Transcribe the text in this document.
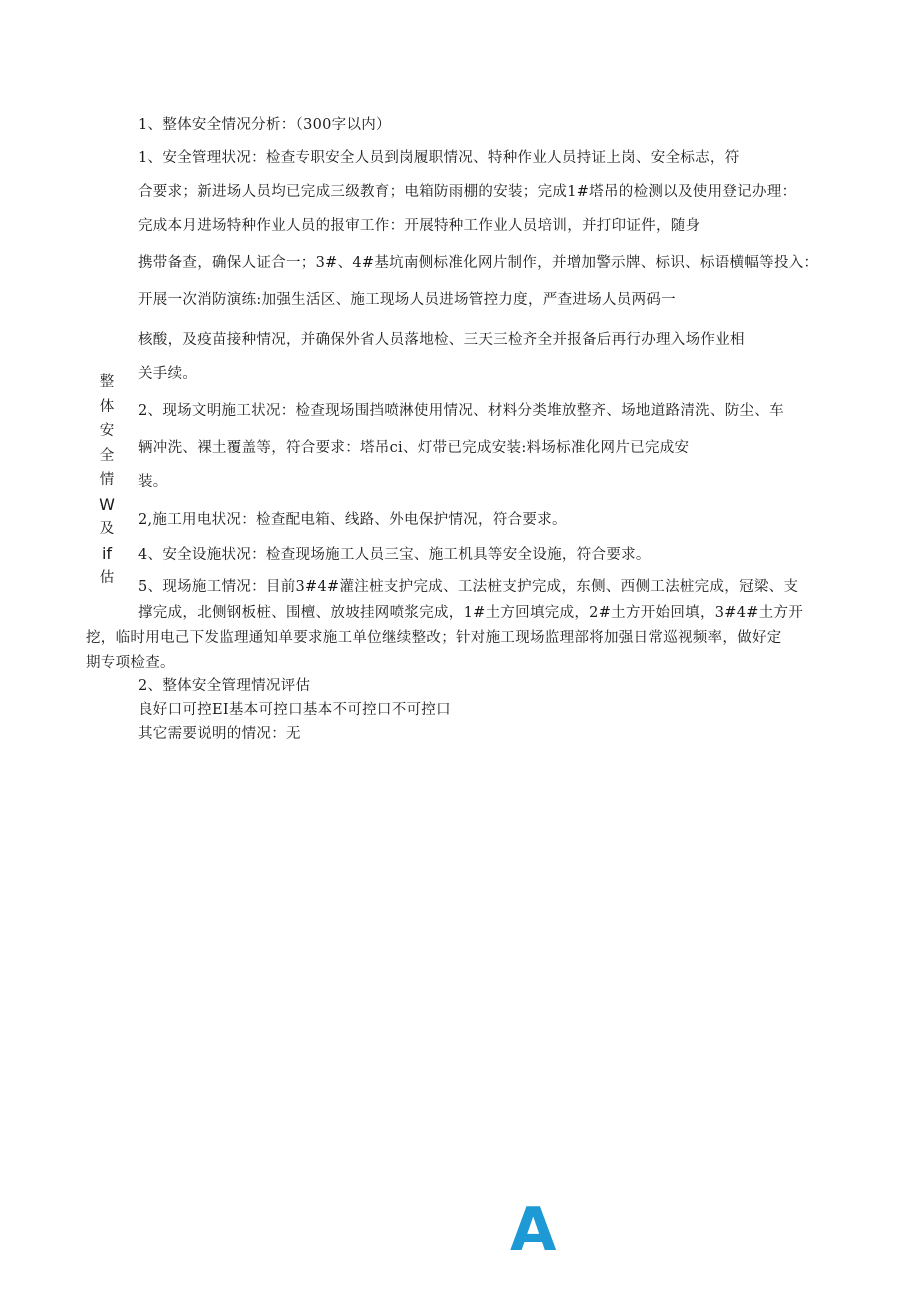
1、整体安全情况分析：（300字以内）
1、安全管理状况：检查专职安全人员到岗履职情况、特种作业人员持证上岗、安全标志，符
合要求；新进场人员均已完成三级教育；电箱防雨棚的安装；完成1#塔吊的检测以及使用登记办理：
完成本月进场特种作业人员的报审工作：开展特种工作业人员培训，并打印证件，随身
携带备查，确保人证合一；3#、4#基坑南侧标准化网片制作，并增加警示牌、标识、标语横幅等投入：
开展一次消防演练:加强生活区、施工现场人员进场管控力度，严查进场人员两码一
核酸，及疫苗接种情况，并确保外省人员落地检、三天三检齐全并报备后再行办理入场作业相
关手续。
2、现场文明施工状况：检查现场围挡喷淋使用情况、材料分类堆放整齐、场地道路清洗、防尘、车
辆冲洗、裸土覆盖等，符合要求：塔吊ci、灯带已完成安装:料场标准化网片已完成安
装。
2,施工用电状况：检查配电箱、线路、外电保护情况，符合要求。
4、安全设施状况：检查现场施工人员三宝、施工机具等安全设施，符合要求。
5、现场施工情况：目前3#4#灌注桩支护完成、工法桩支护完成，东侧、西侧工法桩完成，冠梁、支
撑完成，北侧钢板桩、围檀、放坡挂网喷浆完成，1#土方回填完成，2#土方开始回填，3#4#土方开
挖，临时用电己下发监理通知单要求施工单位继续整改；针对施工现场监理部将加强日常巡视频率，做好定
期专项检查。
2、整体安全管理情况评估
良好口可控EI基本可控口基本不可控口不可控口
其它需要说明的情况：无
整
体
安
全
情
W
及
if
估
A
